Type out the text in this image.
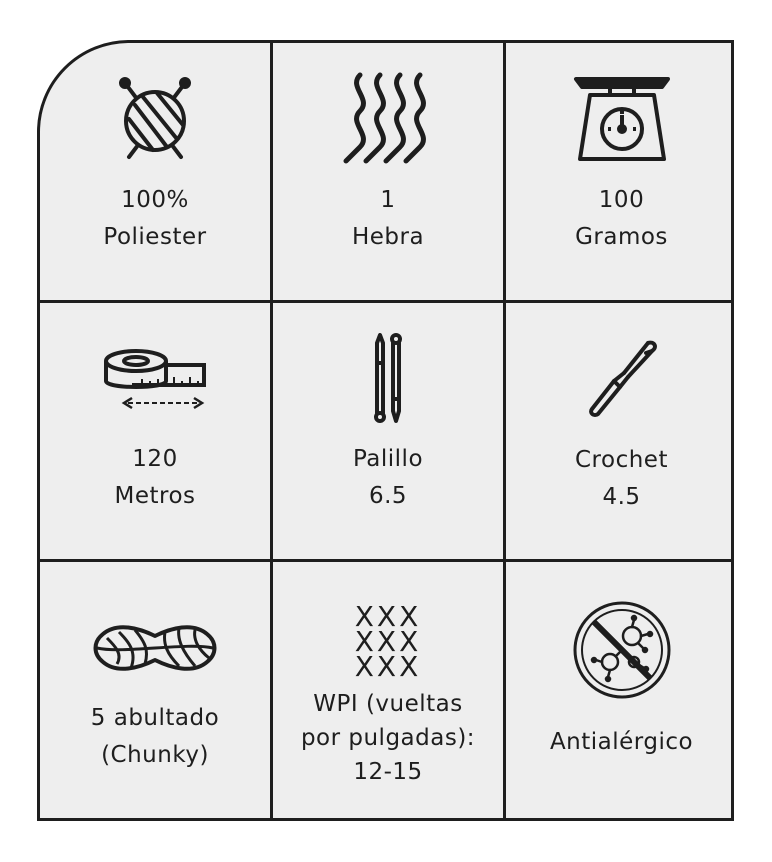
100%
Poliester
1
Hebra
100
Gramos
120
Metros
Palillo
6.5
Crochet
4.5
5 abultado
(Chunky)
XXX
XXX
XXX
WPI (vueltas
por pulgadas):
12-15
Antialérgico
